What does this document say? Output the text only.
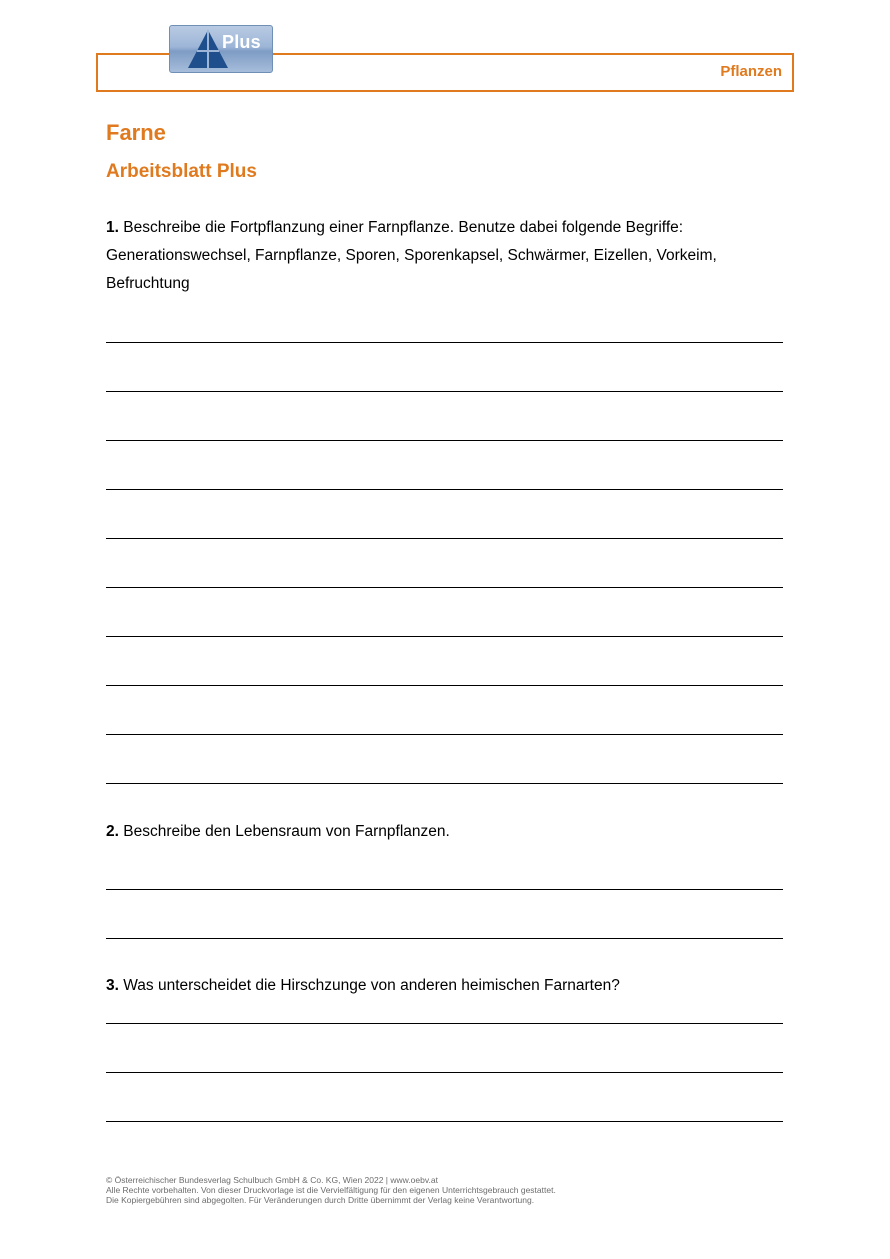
Pflanzen
Plus
Farne
Arbeitsblatt Plus
1. Beschreibe die Fortpflanzung einer Farnpflanze. Benutze dabei folgende Begriffe: Generationswechsel, Farnpflanze, Sporen, Sporenkapsel, Schwärmer, Eizellen, Vorkeim, Befruchtung
2. Beschreibe den Lebensraum von Farnpflanzen.
3. Was unterscheidet die Hirschzunge von anderen heimischen Farnarten?
© Österreichischer Bundesverlag Schulbuch GmbH & Co. KG, Wien 2022 | www.oebv.at
Alle Rechte vorbehalten. Von dieser Druckvorlage ist die Vervielfältigung für den eigenen Unterrichtsgebrauch gestattet.
Die Kopiergebühren sind abgegolten. Für Veränderungen durch Dritte übernimmt der Verlag keine Verantwortung.
